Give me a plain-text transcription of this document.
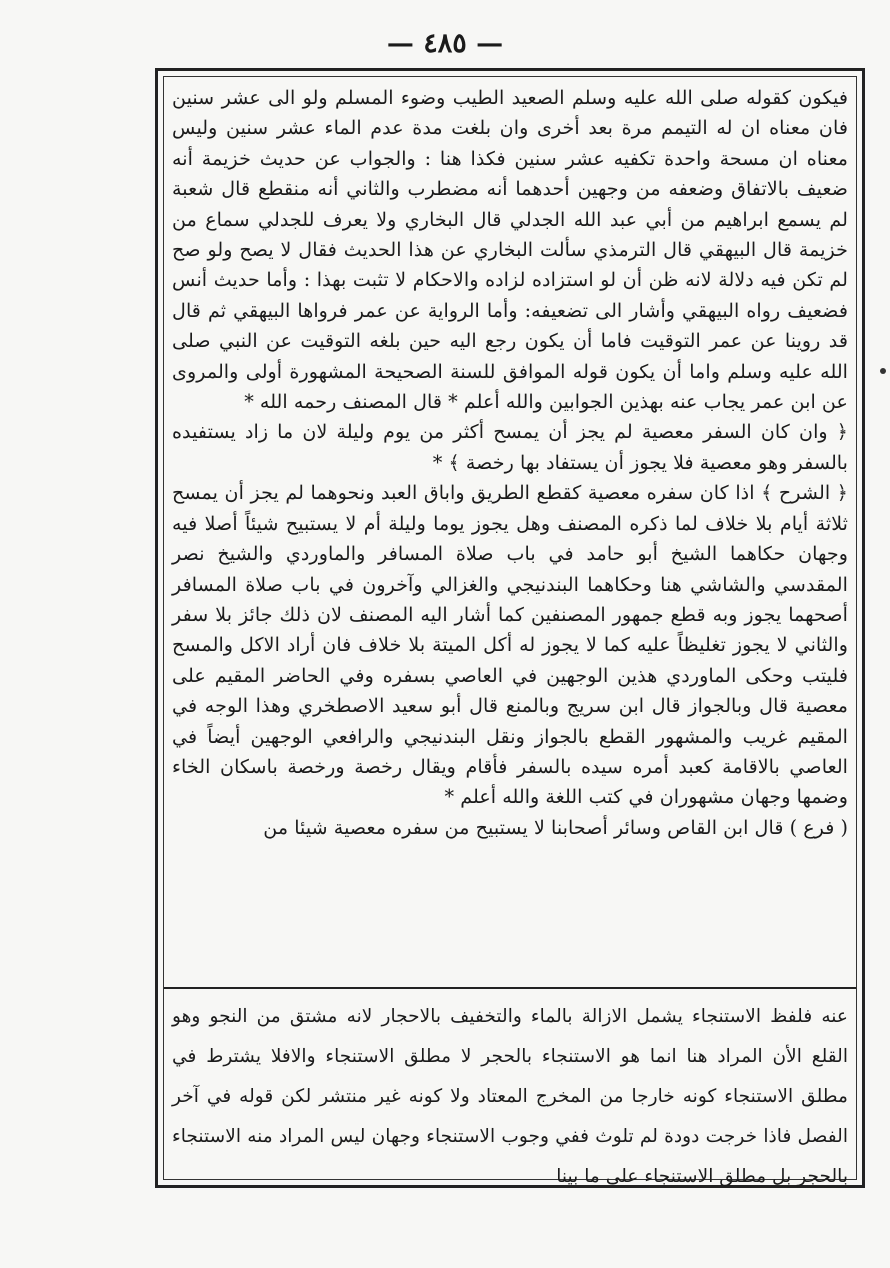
— ٤٨٥ —

فيكون كقوله صلى الله عليه وسلم الصعيد الطيب وضوء المسلم ولو الى عشر سنين فان معناه ان له التيمم مرة بعد أخرى وان بلغت مدة عدم الماء عشر سنين وليس معناه ان مسحة واحدة تكفيه عشر سنين فكذا هنا : والجواب عن حديث خزيمة أنه ضعيف بالاتفاق وضعفه من وجهين أحدهما أنه مضطرب والثاني أنه منقطع قال شعبة لم يسمع ابراهيم من أبي عبد الله الجدلي قال البخاري ولا يعرف للجدلي سماع من خزيمة قال البيهقي قال الترمذي سألت البخاري عن هذا الحديث فقال لا يصح ولو صح لم تكن فيه دلالة لانه ظن أن لو استزاده لزاده والاحكام لا تثبت بهذا : وأما حديث أنس فضعيف رواه البيهقي وأشار الى تضعيفه: وأما الرواية عن عمر فرواها البيهقي ثم قال قد روينا عن عمر التوقيت فاما أن يكون رجع اليه حين بلغه التوقيت عن النبي صلى الله عليه وسلم واما أن يكون قوله الموافق للسنة الصحيحة المشهورة أولى والمروى عن ابن عمر يجاب عنه بهذين الجوابين والله أعلم * قال المصنف رحمه الله *

﴿ وان كان السفر معصية لم يجز أن يمسح أكثر من يوم وليلة لان ما زاد يستفيده بالسفر وهو معصية فلا يجوز أن يستفاد بها رخصة ﴾ *

﴿ الشرح ﴾ اذا كان سفره معصية كقطع الطريق واباق العبد ونحوهما لم يجز أن يمسح ثلاثة أيام بلا خلاف لما ذكره المصنف وهل يجوز يوما وليلة أم لا يستبيح شيئاً أصلا فيه وجهان حكاهما الشيخ أبو حامد في باب صلاة المسافر والماوردي والشيخ نصر المقدسي والشاشي هنا وحكاهما البندنيجي والغزالي وآخرون في باب صلاة المسافر أصحهما يجوز وبه قطع جمهور المصنفين كما أشار اليه المصنف لان ذلك جائز بلا سفر والثاني لا يجوز تغليظاً عليه كما لا يجوز له أكل الميتة بلا خلاف فان أراد الاكل والمسح فليتب وحكى الماوردي هذين الوجهين في العاصي بسفره وفي الحاضر المقيم على معصية قال وبالجواز قال ابن سريج وبالمنع قال أبو سعيد الاصطخري وهذا الوجه في المقيم غريب والمشهور القطع بالجواز ونقل البندنيجي والرافعي الوجهين أيضاً في العاصي بالاقامة كعبد أمره سيده بالسفر فأقام ويقال رخصة ورخصة باسكان الخاء وضمها وجهان مشهوران في كتب اللغة والله أعلم *

( فرع ) قال ابن القاص وسائر أصحابنا لا يستبيح من سفره معصية شيئا من

عنه فلفظ الاستنجاء يشمل الازالة بالماء والتخفيف بالاحجار لانه مشتق من النجو وهو القلع الأن المراد هنا انما هو الاستنجاء بالحجر لا مطلق الاستنجاء والافلا يشترط في مطلق الاستنجاء كونه خارجا من المخرج المعتاد ولا كونه غير منتشر لكن قوله في آخر الفصل فاذا خرجت دودة لم تلوث ففي وجوب الاستنجاء وجهان ليس المراد منه الاستنجاء بالحجر بل مطلق الاستنجاء على ما بينا
